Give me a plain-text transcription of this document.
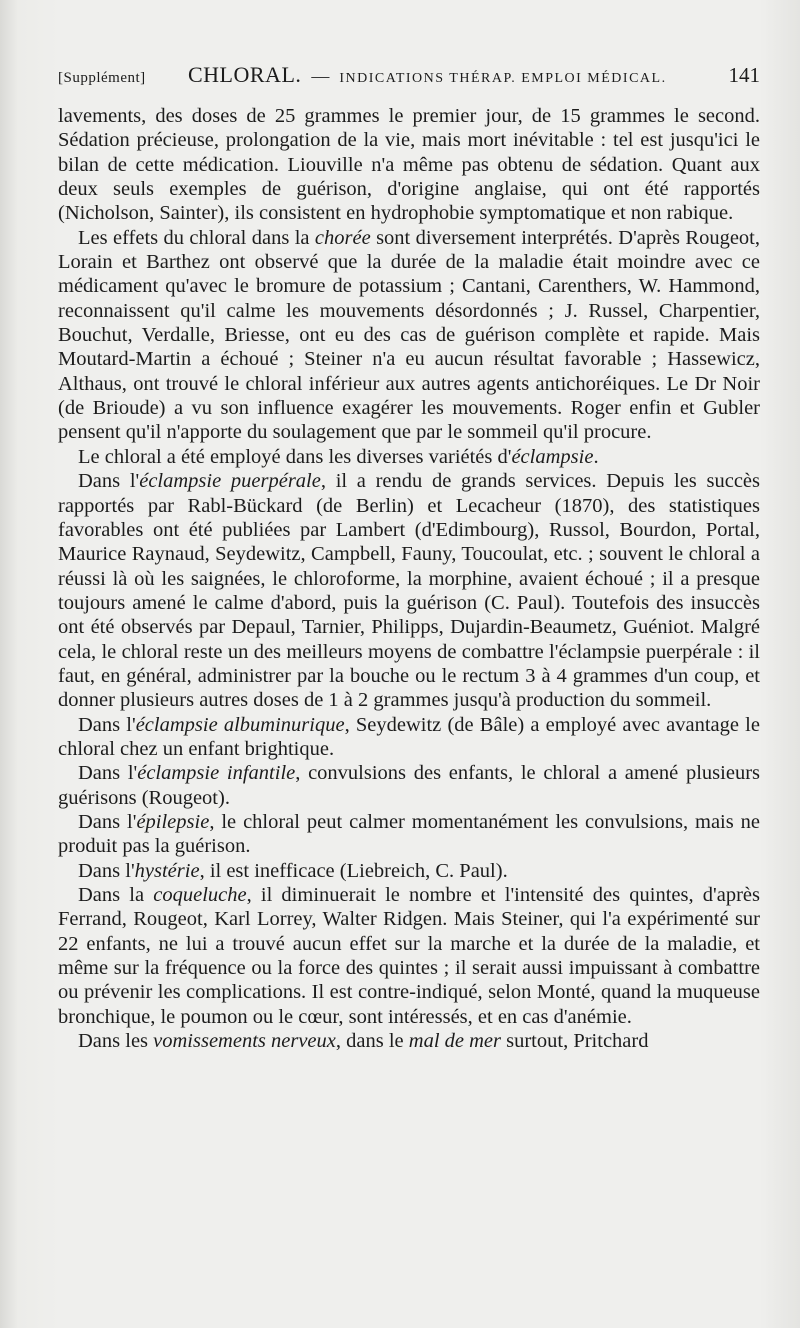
[Supplément]	CHLORAL. — INDICATIONS THÉRAP. EMPLOI MÉDICAL.	141

lavements, des doses de 25 grammes le premier jour, de 15 grammes le second. Sédation précieuse, prolongation de la vie, mais mort inévitable : tel est jusqu'ici le bilan de cette médication. Liouville n'a même pas obtenu de sédation. Quant aux deux seuls exemples de guérison, d'origine anglaise, qui ont été rapportés (Nicholson, Sainter), ils consistent en hydrophobie symptomatique et non rabique.

Les effets du chloral dans la chorée sont diversement interprétés. D'après Rougeot, Lorain et Barthez ont observé que la durée de la maladie était moindre avec ce médicament qu'avec le bromure de potassium ; Cantani, Carenthers, W. Hammond, reconnaissent qu'il calme les mouvements désordonnés ; J. Russel, Charpentier, Bouchut, Verdalle, Briesse, ont eu des cas de guérison complète et rapide. Mais Moutard-Martin a échoué ; Steiner n'a eu aucun résultat favorable ; Hassewicz, Althaus, ont trouvé le chloral inférieur aux autres agents antichoréiques. Le Dr Noir (de Brioude) a vu son influence exagérer les mouvements. Roger enfin et Gubler pensent qu'il n'apporte du soulagement que par le sommeil qu'il procure.

Le chloral a été employé dans les diverses variétés d'éclampsie.

Dans l'éclampsie puerpérale, il a rendu de grands services. Depuis les succès rapportés par Rabl-Bückard (de Berlin) et Lecacheur (1870), des statistiques favorables ont été publiées par Lambert (d'Edimbourg), Russol, Bourdon, Portal, Maurice Raynaud, Seydewitz, Campbell, Fauny, Toucoulat, etc. ; souvent le chloral a réussi là où les saignées, le chloroforme, la morphine, avaient échoué ; il a presque toujours amené le calme d'abord, puis la guérison (C. Paul). Toutefois des insuccès ont été observés par Depaul, Tarnier, Philipps, Dujardin-Beaumetz, Guéniot. Malgré cela, le chloral reste un des meilleurs moyens de combattre l'éclampsie puerpérale : il faut, en général, administrer par la bouche ou le rectum 3 à 4 grammes d'un coup, et donner plusieurs autres doses de 1 à 2 grammes jusqu'à production du sommeil.

Dans l'éclampsie albuminurique, Seydewitz (de Bâle) a employé avec avantage le chloral chez un enfant brightique.

Dans l'éclampsie infantile, convulsions des enfants, le chloral a amené plusieurs guérisons (Rougeot).

Dans l'épilepsie, le chloral peut calmer momentanément les convulsions, mais ne produit pas la guérison.

Dans l'hystérie, il est inefficace (Liebreich, C. Paul).

Dans la coqueluche, il diminuerait le nombre et l'intensité des quintes, d'après Ferrand, Rougeot, Karl Lorrey, Walter Ridgen. Mais Steiner, qui l'a expérimenté sur 22 enfants, ne lui a trouvé aucun effet sur la marche et la durée de la maladie, et même sur la fréquence ou la force des quintes ; il serait aussi impuissant à combattre ou prévenir les complications. Il est contre-indiqué, selon Monté, quand la muqueuse bronchique, le poumon ou le cœur, sont intéressés, et en cas d'anémie.

Dans les vomissements nerveux, dans le mal de mer surtout, Pritchard
